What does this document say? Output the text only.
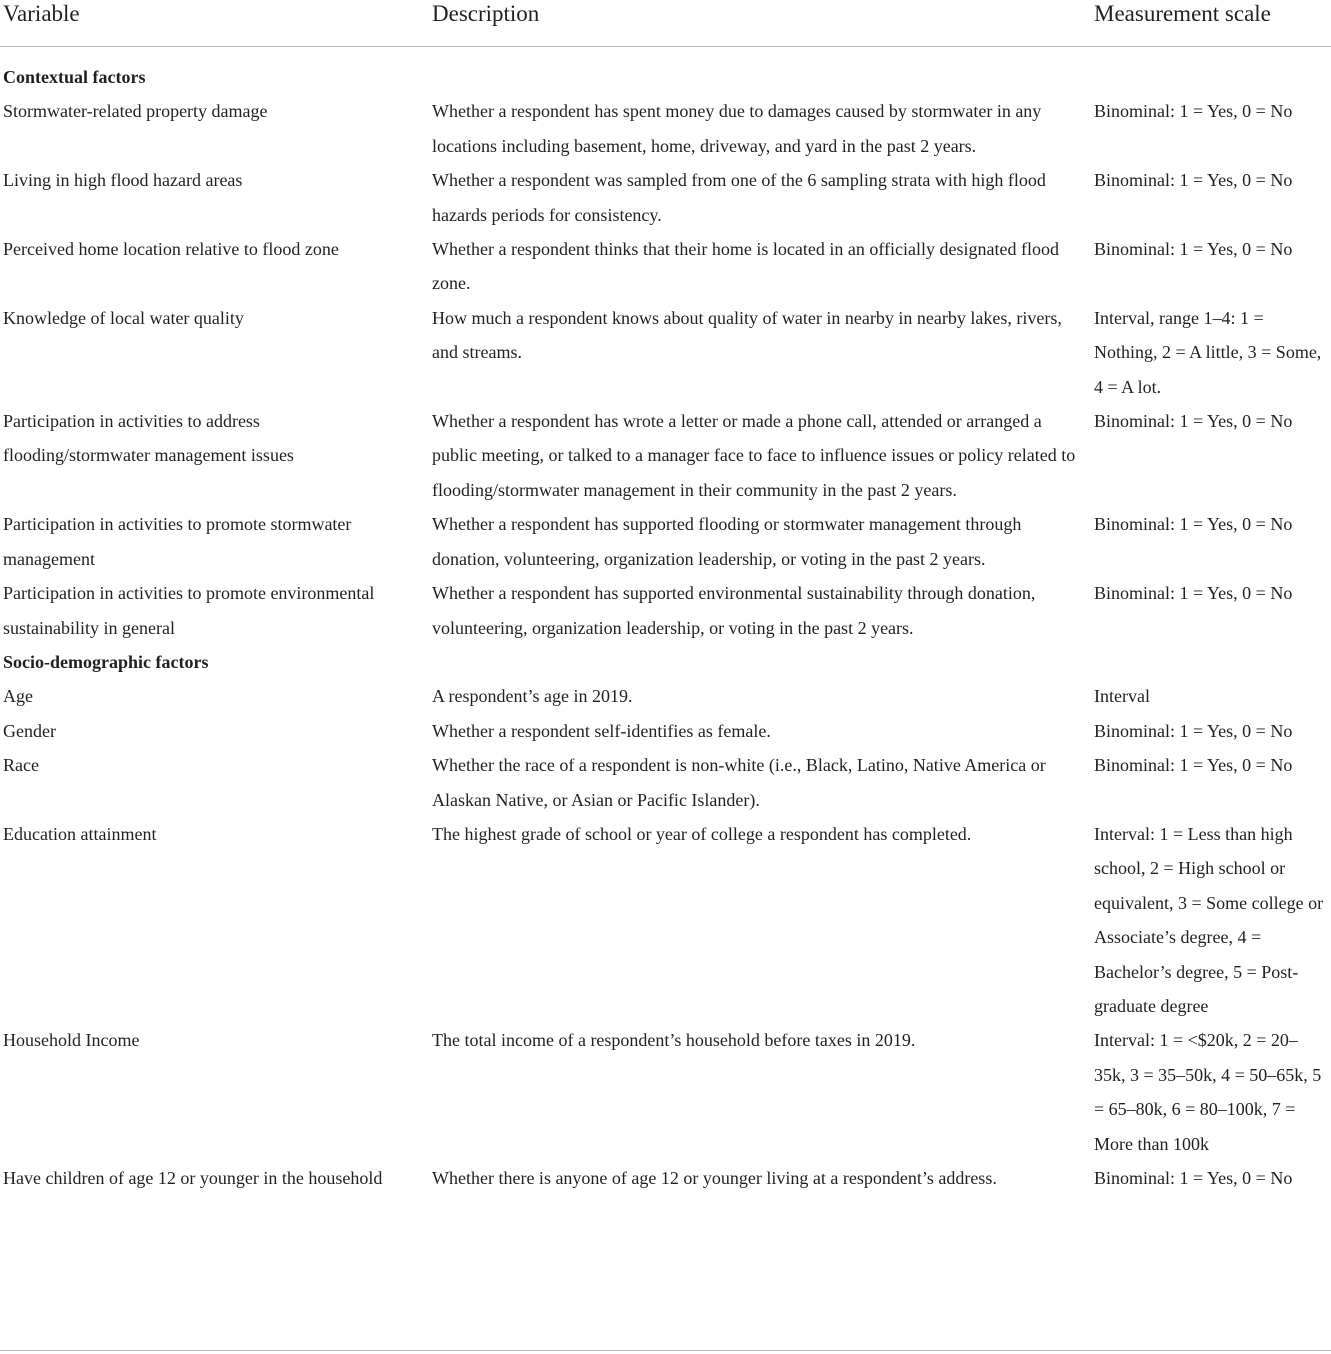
Variable	Description	Measurement scale
Contextual factors		
Stormwater-related property damage	Whether a respondent has spent money due to damages caused by stormwater in any locations including basement, home, driveway, and yard in the past 2 years.	Binominal: 1 = Yes, 0 = No
Living in high flood hazard areas	Whether a respondent was sampled from one of the 6 sampling strata with high flood hazards periods for consistency.	Binominal: 1 = Yes, 0 = No
Perceived home location relative to flood zone	Whether a respondent thinks that their home is located in an officially designated flood zone.	Binominal: 1 = Yes, 0 = No
Knowledge of local water quality	How much a respondent knows about quality of water in nearby in nearby lakes, rivers, and streams.	Interval, range 1–4: 1 = Nothing, 2 = A little, 3 = Some, 4 = A lot.
Participation in activities to address flooding/stormwater management issues	Whether a respondent has wrote a letter or made a phone call, attended or arranged a public meeting, or talked to a manager face to face to influence issues or policy related to flooding/stormwater management in their community in the past 2 years.	Binominal: 1 = Yes, 0 = No
Participation in activities to promote stormwater management	Whether a respondent has supported flooding or stormwater management through donation, volunteering, organization leadership, or voting in the past 2 years.	Binominal: 1 = Yes, 0 = No
Participation in activities to promote environmental sustainability in general	Whether a respondent has supported environmental sustainability through donation, volunteering, organization leadership, or voting in the past 2 years.	Binominal: 1 = Yes, 0 = No
Socio-demographic factors		
Age	A respondent’s age in 2019.	Interval
Gender	Whether a respondent self-identifies as female.	Binominal: 1 = Yes, 0 = No
Race	Whether the race of a respondent is non-white (i.e., Black, Latino, Native America or Alaskan Native, or Asian or Pacific Islander).	Binominal: 1 = Yes, 0 = No
Education attainment	The highest grade of school or year of college a respondent has completed.	Interval: 1 = Less than high school, 2 = High school or equivalent, 3 = Some college or Associate’s degree, 4 = Bachelor’s degree, 5 = Post-graduate degree
Household Income	The total income of a respondent’s household before taxes in 2019.	Interval: 1 = <$20k, 2 = 20–35k, 3 = 35–50k, 4 = 50–65k, 5 = 65–80k, 6 = 80–100k, 7 = More than 100k
Have children of age 12 or younger in the household	Whether there is anyone of age 12 or younger living at a respondent’s address.	Binominal: 1 = Yes, 0 = No
